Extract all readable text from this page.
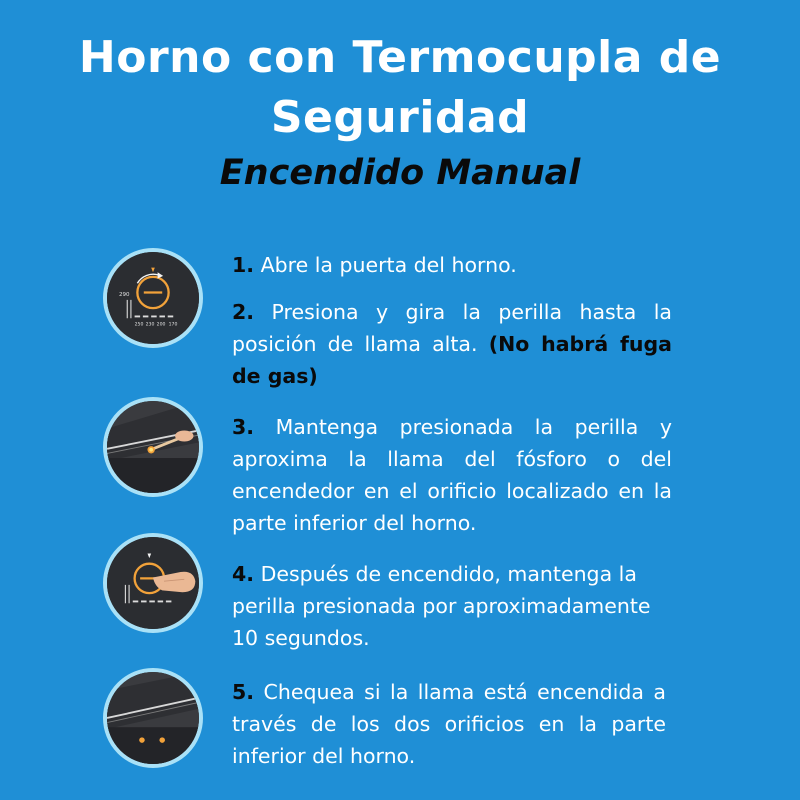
Horno con Termocupla de
Seguridad
Encendido Manual
290
250 230 200 170

1. Abre la puerta del horno.

2. Presiona y gira la perilla hasta la posición de llama alta. (No habrá fuga de gas)

3. Mantenga presionada la perilla y aproxima la llama del fósforo o del encendedor en el orificio localizado en la parte inferior del horno.

4. Después de encendido, mantenga la perilla presionada por aproximadamente 10 segundos.

5. Chequea si la llama está encendida a través de los dos orificios en la parte inferior del horno.
